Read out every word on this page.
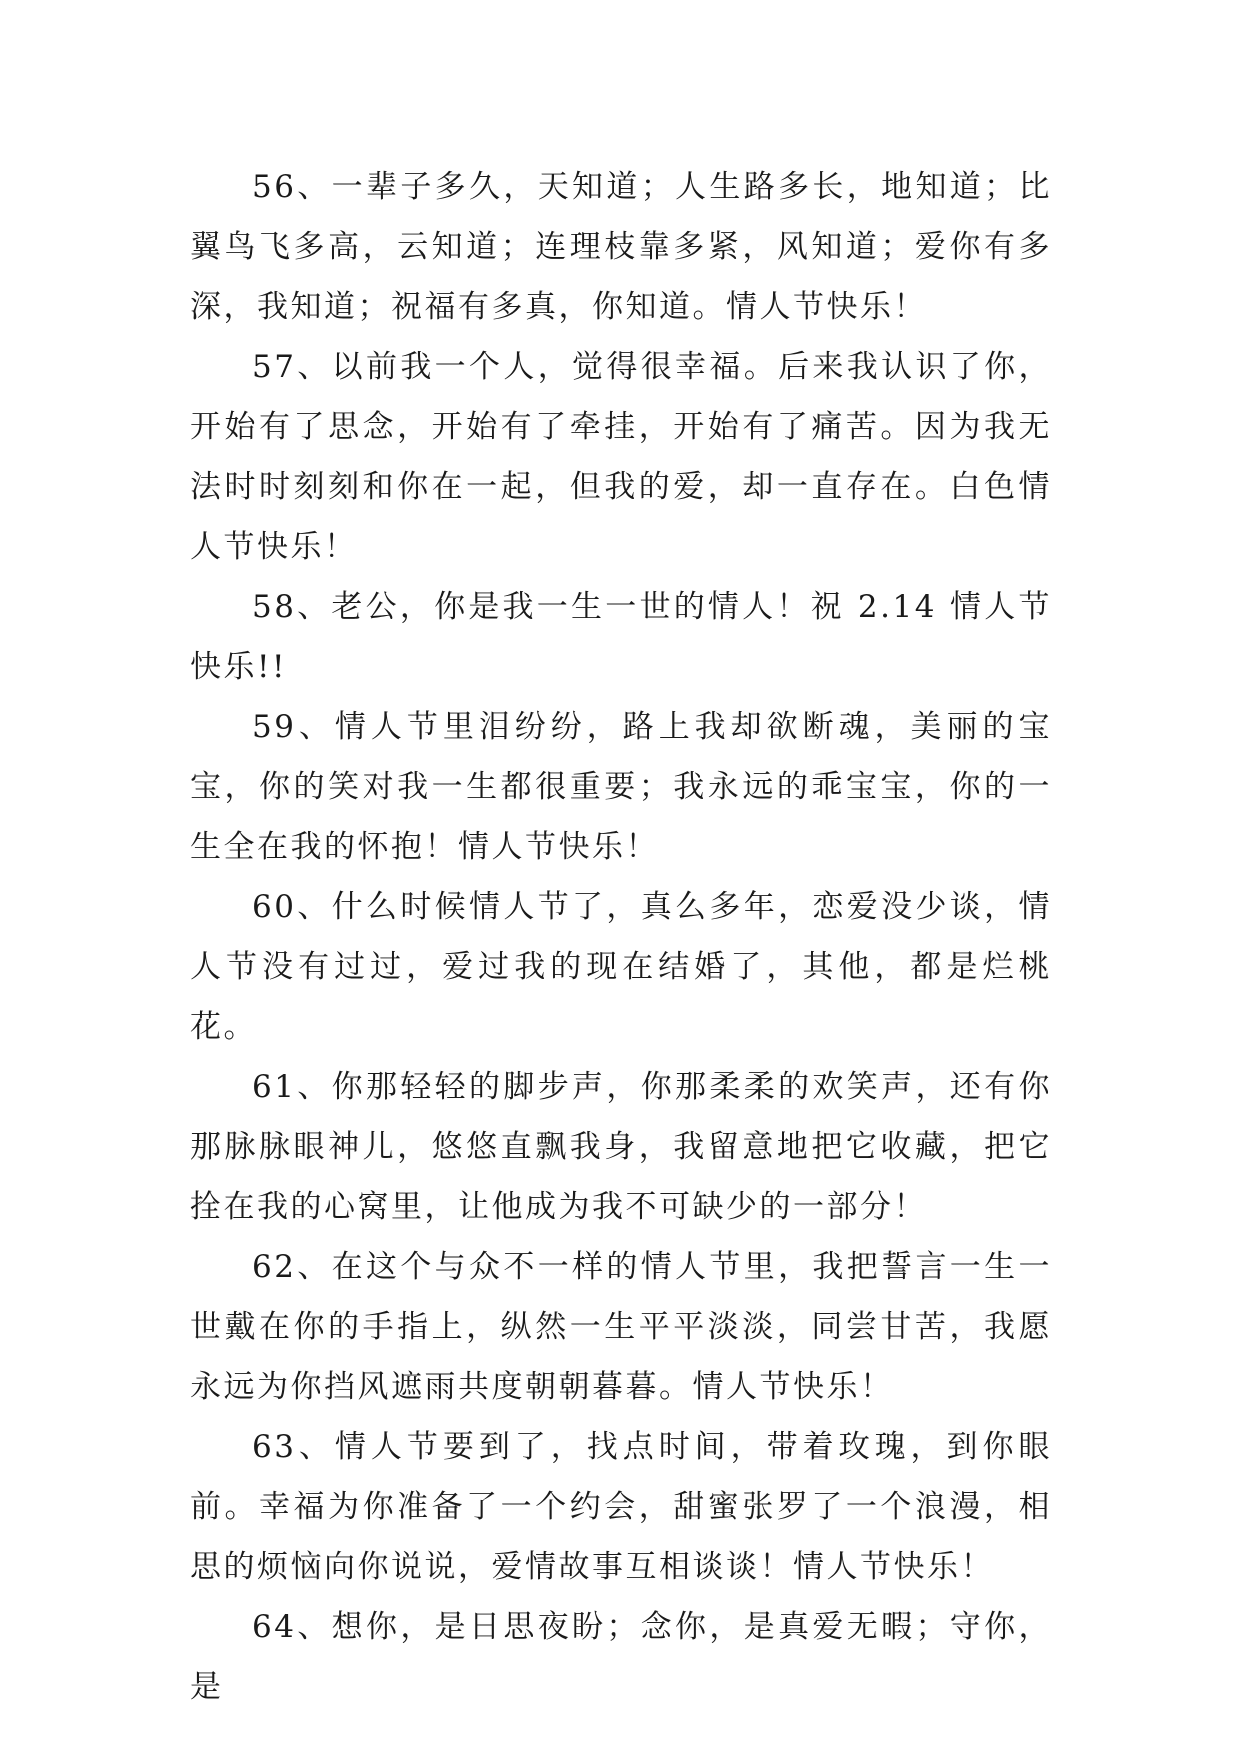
56、一辈子多久，天知道；人生路多长，地知道；比翼鸟飞多高，云知道；连理枝靠多紧，风知道；爱你有多深，我知道；祝福有多真，你知道。情人节快乐！

57、以前我一个人，觉得很幸福。后来我认识了你，开始有了思念，开始有了牵挂，开始有了痛苦。因为我无法时时刻刻和你在一起，但我的爱，却一直存在。白色情人节快乐！

58、老公，你是我一生一世的情人！祝 2.14 情人节快乐!!

59、情人节里泪纷纷，路上我却欲断魂，美丽的宝宝，你的笑对我一生都很重要；我永远的乖宝宝，你的一生全在我的怀抱！情人节快乐！

60、什么时候情人节了，真么多年，恋爱没少谈，情人节没有过过，爱过我的现在结婚了，其他，都是烂桃花。

61、你那轻轻的脚步声，你那柔柔的欢笑声，还有你那脉脉眼神儿，悠悠直飘我身，我留意地把它收藏，把它拴在我的心窝里，让他成为我不可缺少的一部分！

62、在这个与众不一样的情人节里，我把誓言一生一世戴在你的手指上，纵然一生平平淡淡，同尝甘苦，我愿永远为你挡风遮雨共度朝朝暮暮。情人节快乐！

63、情人节要到了，找点时间，带着玫瑰，到你眼前。幸福为你准备了一个约会，甜蜜张罗了一个浪漫，相思的烦恼向你说说，爱情故事互相谈谈！情人节快乐！

64、想你，是日思夜盼；念你，是真爱无暇；守你，是
